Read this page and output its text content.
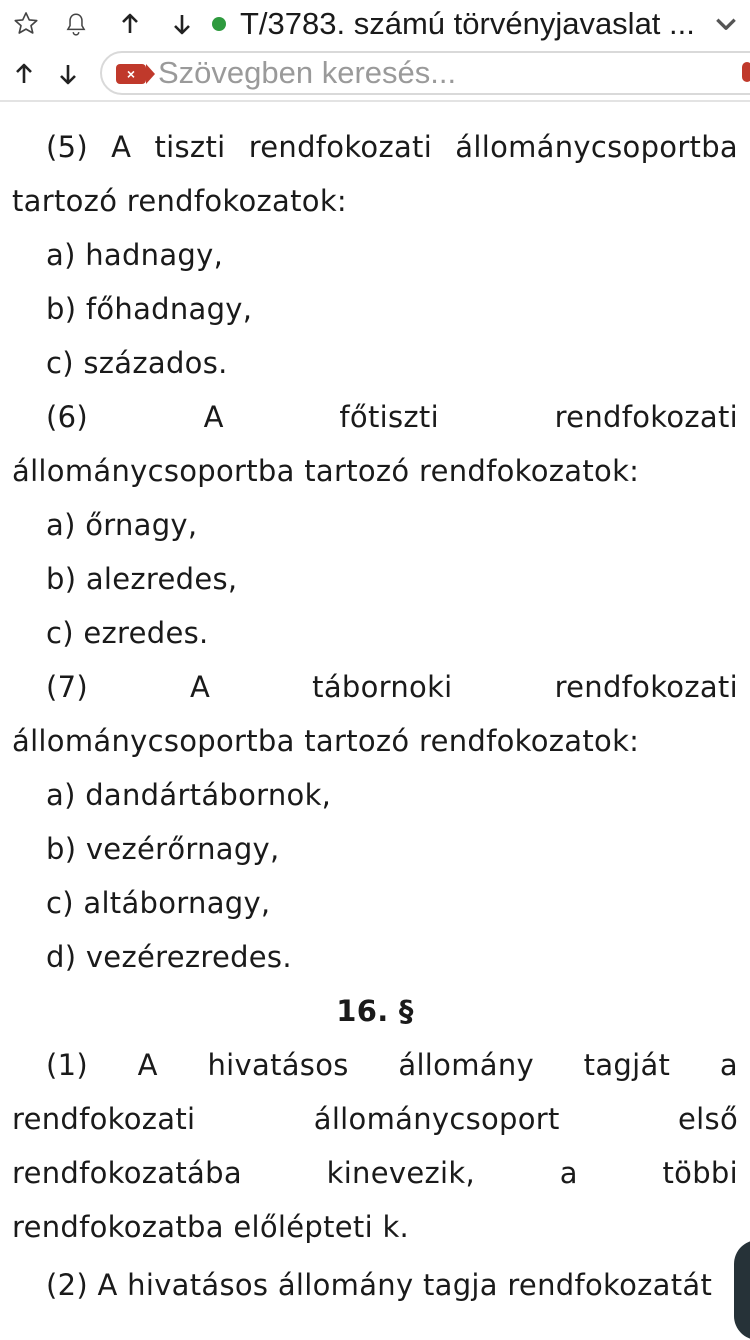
T/3783. számú törvényjavaslat ...
×
Szövegben keresés...
(5) A tiszti rendfokozati állománycsoportba
tartozó rendfokozatok:
a) hadnagy,
b) főhadnagy,
c) százados.
(6)	A	főtiszti	rendfokozati
állománycsoportba tartozó rendfokozatok:
a) őrnagy,
b) alezredes,
c) ezredes.
(7)	A	tábornoki	rendfokozati
állománycsoportba tartozó rendfokozatok:
a) dandártábornok,
b) vezérőrnagy,
c) altábornagy,
d) vezérezredes.
16. §
(1) A hivatásos állomány tagját a
rendfokozati	állománycsoport	első
rendfokozatába	kinevezik,	a	többi
rendfokozatba előlépteti k.
(2) A hivatásos állomány tagja rendfokozatát
